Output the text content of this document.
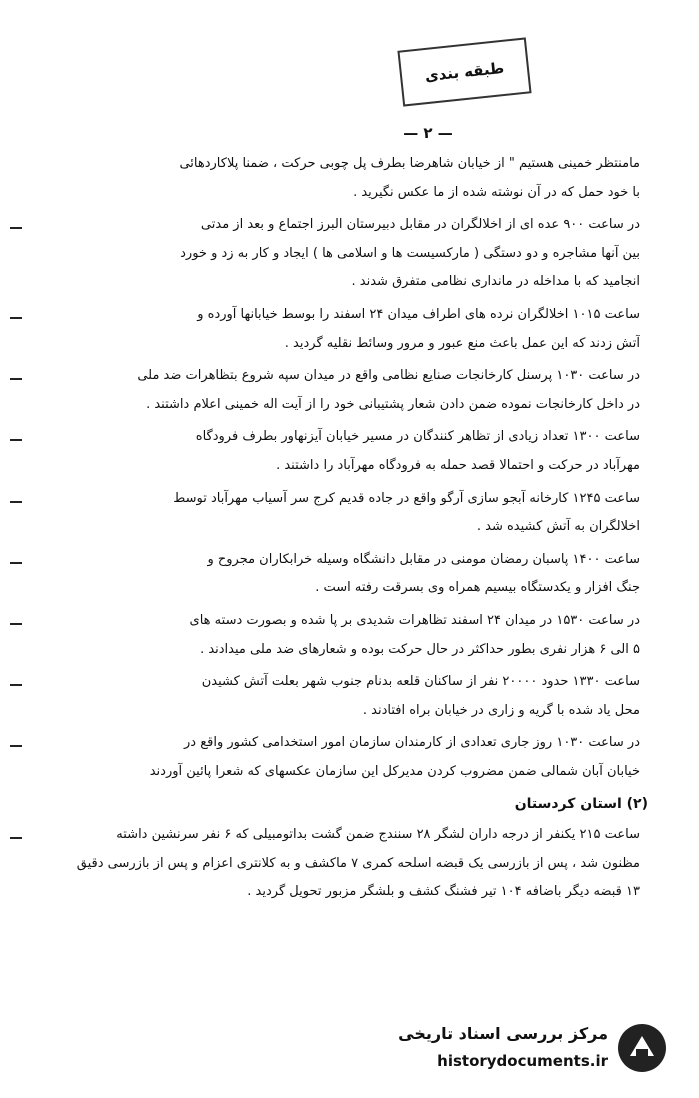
طبقه بندی
— ۲ —
مامنتظر خمینی هستیم " از خیابان شاهرضا بطرف پل چوبی حرکت ، ضمنا پلاکاردهائی
با خود حمل که در آن نوشته شده از ما عکس نگیرید .
در ساعت ۹۰۰ عده ای از اخلالگران در مقابل دبیرستان البرز اجتماع و بعد از مدتی
بین آنها مشاجره و دو دستگی ( مارکسیست ها و اسلامی ها ) ایجاد و کار به زد و خورد
انجامید که با مداخله در مانداری نظامی متفرق شدند .
ساعت ۱۰۱۵ اخلالگران نرده های اطراف میدان ۲۴ اسفند را بوسط خیابانها آورده و
آتش زدند که این عمل باعث منع عبور و مرور وسائط نقلیه گردید .
در ساعت ۱۰۳۰ پرسنل کارخانجات صنایع نظامی واقع در میدان سپه شروع بتظاهرات ضد ملی
در داخل کارخانجات نموده ضمن دادن شعار پشتیبانی خود را از آیت اله خمینی اعلام داشتند .
ساعت ۱۳۰۰ تعداد زیادی از تظاهر کنندگان در مسیر خیابان آیزنهاور بطرف فرودگاه
مهرآباد در حرکت و احتمالا قصد حمله به فرودگاه مهرآباد را داشتند .
ساعت ۱۲۴۵ کارخانه آبجو سازی آرگو واقع در جاده قدیم کرج سر آسیاب مهرآباد توسط
اخلالگران به آتش کشیده شد .
ساعت ۱۴۰۰ پاسبان رمضان مومنی در مقابل دانشگاه وسیله خرابکاران مجروح و
جنگ افزار و یکدستگاه بیسیم همراه وی بسرقت رفته است .
در ساعت ۱۵۳۰ در میدان ۲۴ اسفند تظاهرات شدیدی بر پا شده و بصورت دسته های
۵ الی ۶ هزار نفری بطور حداکثر در حال حرکت بوده و شعارهای ضد ملی میدادند .
ساعت ۱۳۳۰ حدود ۲۰۰۰۰ نفر از ساکنان قلعه بدنام جنوب شهر بعلت آتش کشیدن
محل یاد شده با گریه و زاری در خیابان براه افتادند .
در ساعت ۱۰۳۰ روز جاری تعدادی از کارمندان سازمان امور استخدامی کشور واقع در
خیابان آبان شمالی ضمن مضروب کردن مدیرکل این سازمان عکسهای که شعرا پائین آوردند
(۲) استان کردستان
ساعت ۲۱۵ یکنفر از درجه داران لشگر ۲۸ سنندج ضمن گشت بداتومبیلی که ۶ نفر سرنشین داشته
مظنون شد ، پس از بازرسی یک قبضه اسلحه کمری ۷ ماکشف و به کلانتری اعزام و پس از بازرسی دقیق
۱۳ قبضه دیگر باضافه ۱۰۴ تیر فشنگ کشف و بلشگر مزبور تحویل گردید .
مرکز بررسی اسناد تاریخی
historydocuments.ir
